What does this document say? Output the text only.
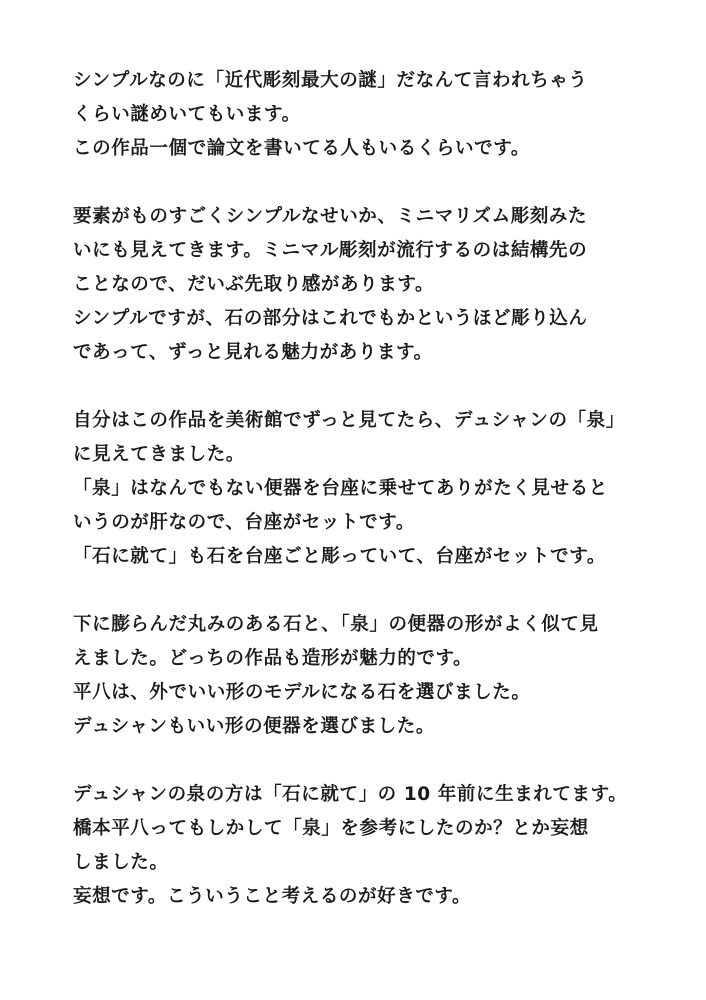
シンプルなのに「近代彫刻最大の謎」だなんて言われちゃう
くらい謎めいてもいます。
この作品一個で論文を書いてる人もいるくらいです。
要素がものすごくシンプルなせいか、ミニマリズム彫刻みた
いにも見えてきます。ミニマル彫刻が流行するのは結構先の
ことなので、だいぶ先取り感があります。
シンプルですが、石の部分はこれでもかというほど彫り込ん
であって、ずっと見れる魅力があります。
自分はこの作品を美術館でずっと見てたら、デュシャンの「泉」
に見えてきました。
「泉」はなんでもない便器を台座に乗せてありがたく見せると
いうのが肝なので、台座がセットです。
「石に就て」も石を台座ごと彫っていて、台座がセットです。
下に膨らんだ丸みのある石と、「泉」の便器の形がよく似て見
えました。どっちの作品も造形が魅力的です。
平八は、外でいい形のモデルになる石を選びました。
デュシャンもいい形の便器を選びました。
デュシャンの泉の方は「石に就て」の 10 年前に生まれてます。
橋本平八ってもしかして「泉」を参考にしたのか？とか妄想
しました。
妄想です。こういうこと考えるのが好きです。
